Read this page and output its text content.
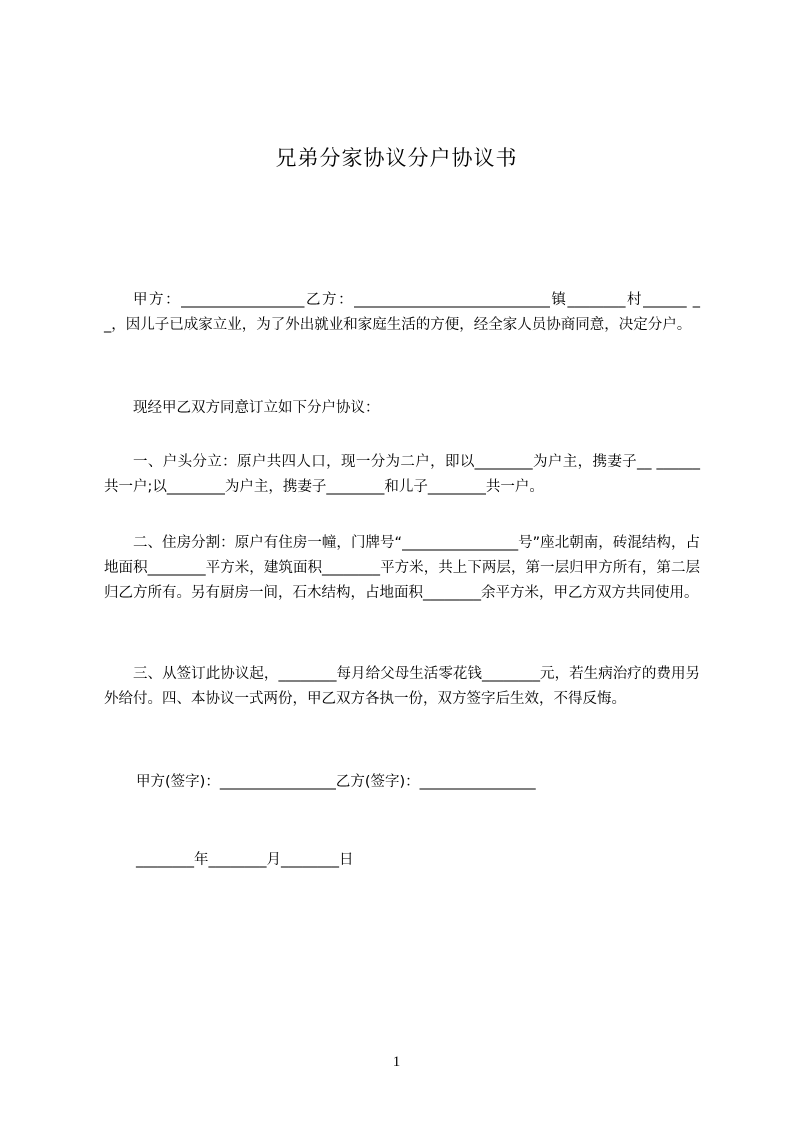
兄弟分家协议分户协议书
甲方：_________________乙方：___________________________镇________村______ __，因儿子已成家立业，为了外出就业和家庭生活的方便，经全家人员协商同意，决定分户。
现经甲乙双方同意订立如下分户协议：
一、户头分立：原户共四人口，现一分为二户，即以________为户主，携妻子__ ______共一户;以________为户主，携妻子________和儿子________共一户。
二、住房分割：原户有住房一幢，门牌号“________________号”座北朝南，砖混结构，占地面积________平方米，建筑面积________平方米，共上下两层，第一层归甲方所有，第二层归乙方所有。另有厨房一间，石木结构，占地面积________余平方米，甲乙方双方共同使用。
三、从签订此协议起，________每月给父母生活零花钱________元，若生病治疗的费用另外给付。四、本协议一式两份，甲乙双方各执一份，双方签字后生效，不得反悔。
甲方(签字)：________________乙方(签字)：________________
________年________月________日
1
